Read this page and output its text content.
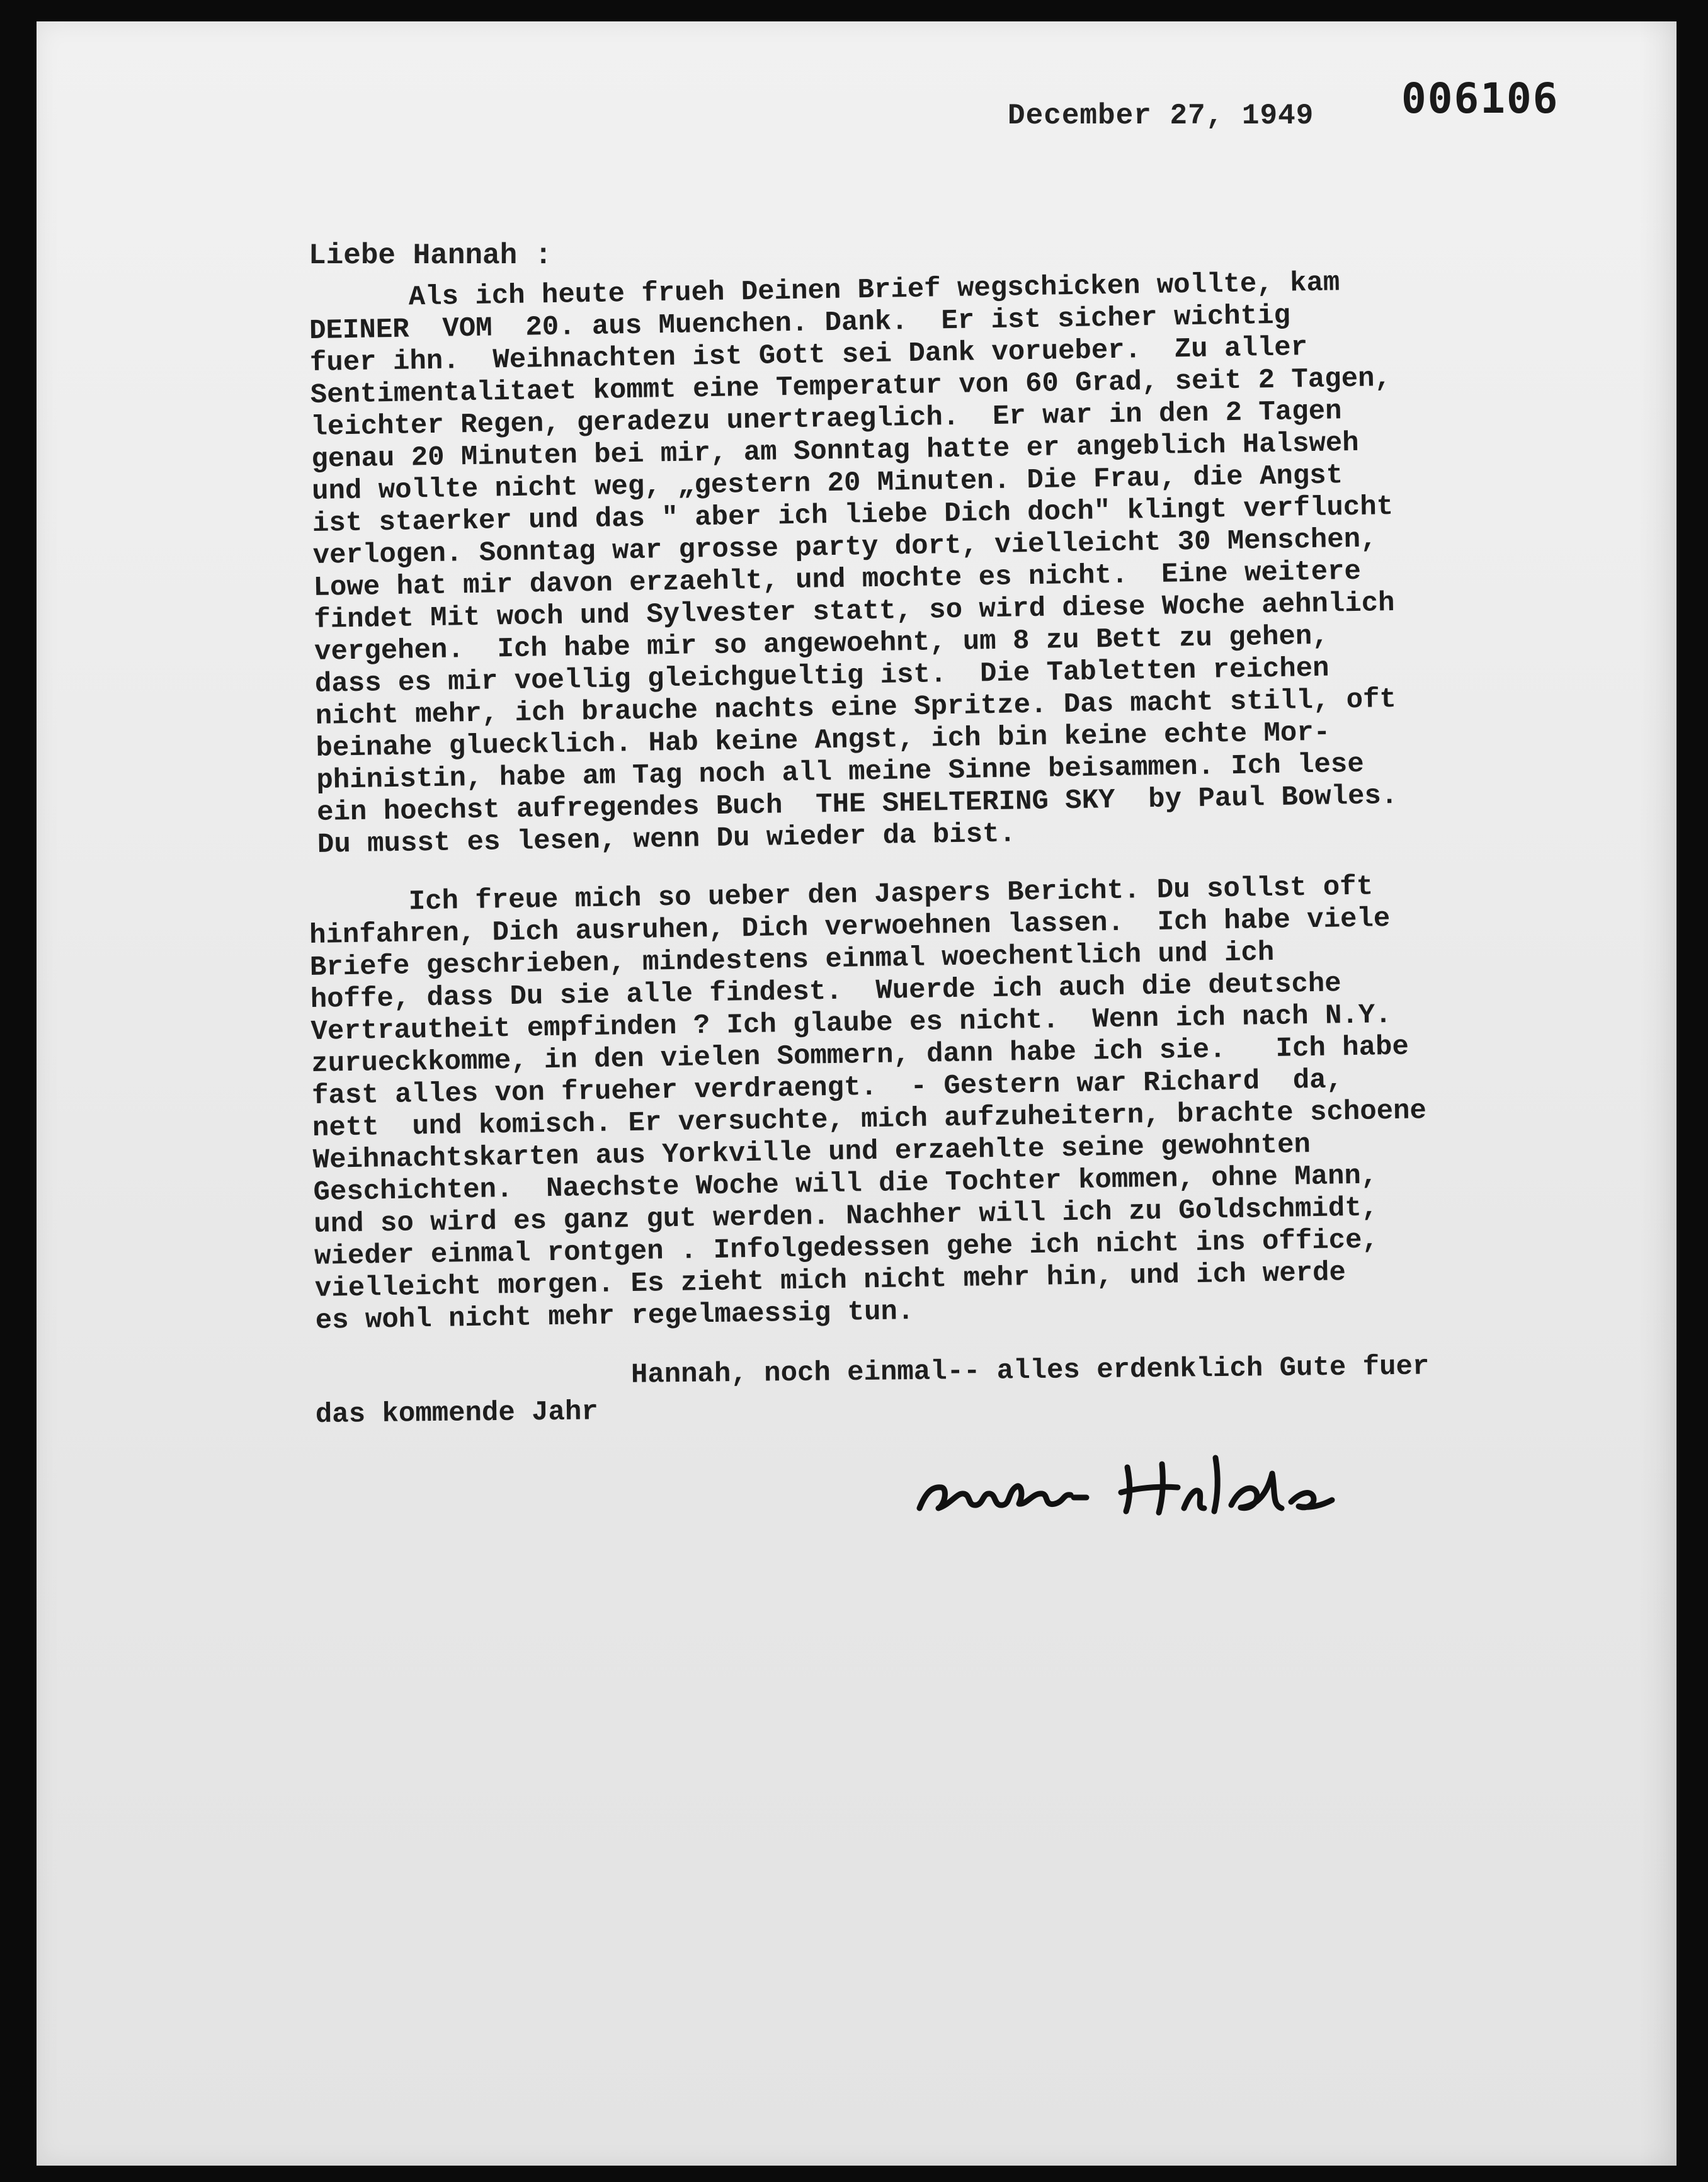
006106
December 27, 1949
Liebe Hannah :
Als ich heute frueh Deinen Brief wegschicken wollte, kam
DEINER  VOM  20. aus Muenchen. Dank.  Er ist sicher wichtig
fuer ihn.  Weihnachten ist Gott sei Dank vorueber.  Zu aller
Sentimentalitaet kommt eine Temperatur von 60 Grad, seit 2 Tagen,
leichter Regen, geradezu unertraeglich.  Er war in den 2 Tagen
genau 20 Minuten bei mir, am Sonntag hatte er angeblich Halsweh
und wollte nicht weg, „gestern 20 Minuten. Die Frau, die Angst
ist staerker und das " aber ich liebe Dich doch" klingt verflucht
verlogen. Sonntag war grosse party dort, vielleicht 30 Menschen,
Lowe hat mir davon erzaehlt, und mochte es nicht.  Eine weitere
findet Mit woch und Sylvester statt, so wird diese Woche aehnlich
vergehen.  Ich habe mir so angewoehnt, um 8 zu Bett zu gehen,
dass es mir voellig gleichgueltig ist.  Die Tabletten reichen
nicht mehr, ich brauche nachts eine Spritze. Das macht still, oft
beinahe gluecklich. Hab keine Angst, ich bin keine echte Mor-
phinistin, habe am Tag noch all meine Sinne beisammen. Ich lese
ein hoechst aufregendes Buch  THE SHELTERING SKY  by Paul Bowles.
Du musst es lesen, wenn Du wieder da bist.
Ich freue mich so ueber den Jaspers Bericht. Du sollst oft
hinfahren, Dich ausruhen, Dich verwoehnen lassen.  Ich habe viele
Briefe geschrieben, mindestens einmal woechentlich und ich
hoffe, dass Du sie alle findest.  Wuerde ich auch die deutsche
Vertrautheit empfinden ? Ich glaube es nicht.  Wenn ich nach N.Y.
zurueckkomme, in den vielen Sommern, dann habe ich sie.   Ich habe
fast alles von frueher verdraengt.  - Gestern war Richard  da,
nett  und komisch. Er versuchte, mich aufzuheitern, brachte schoene
Weihnachtskarten aus Yorkville und erzaehlte seine gewohnten
Geschichten.  Naechste Woche will die Tochter kommen, ohne Mann,
und so wird es ganz gut werden. Nachher will ich zu Goldschmidt,
wieder einmal rontgen . Infolgedessen gehe ich nicht ins office,
vielleicht morgen. Es zieht mich nicht mehr hin, und ich werde
es wohl nicht mehr regelmaessig tun.
Hannah, noch einmal-- alles erdenklich Gute fuer
das kommende Jahr
